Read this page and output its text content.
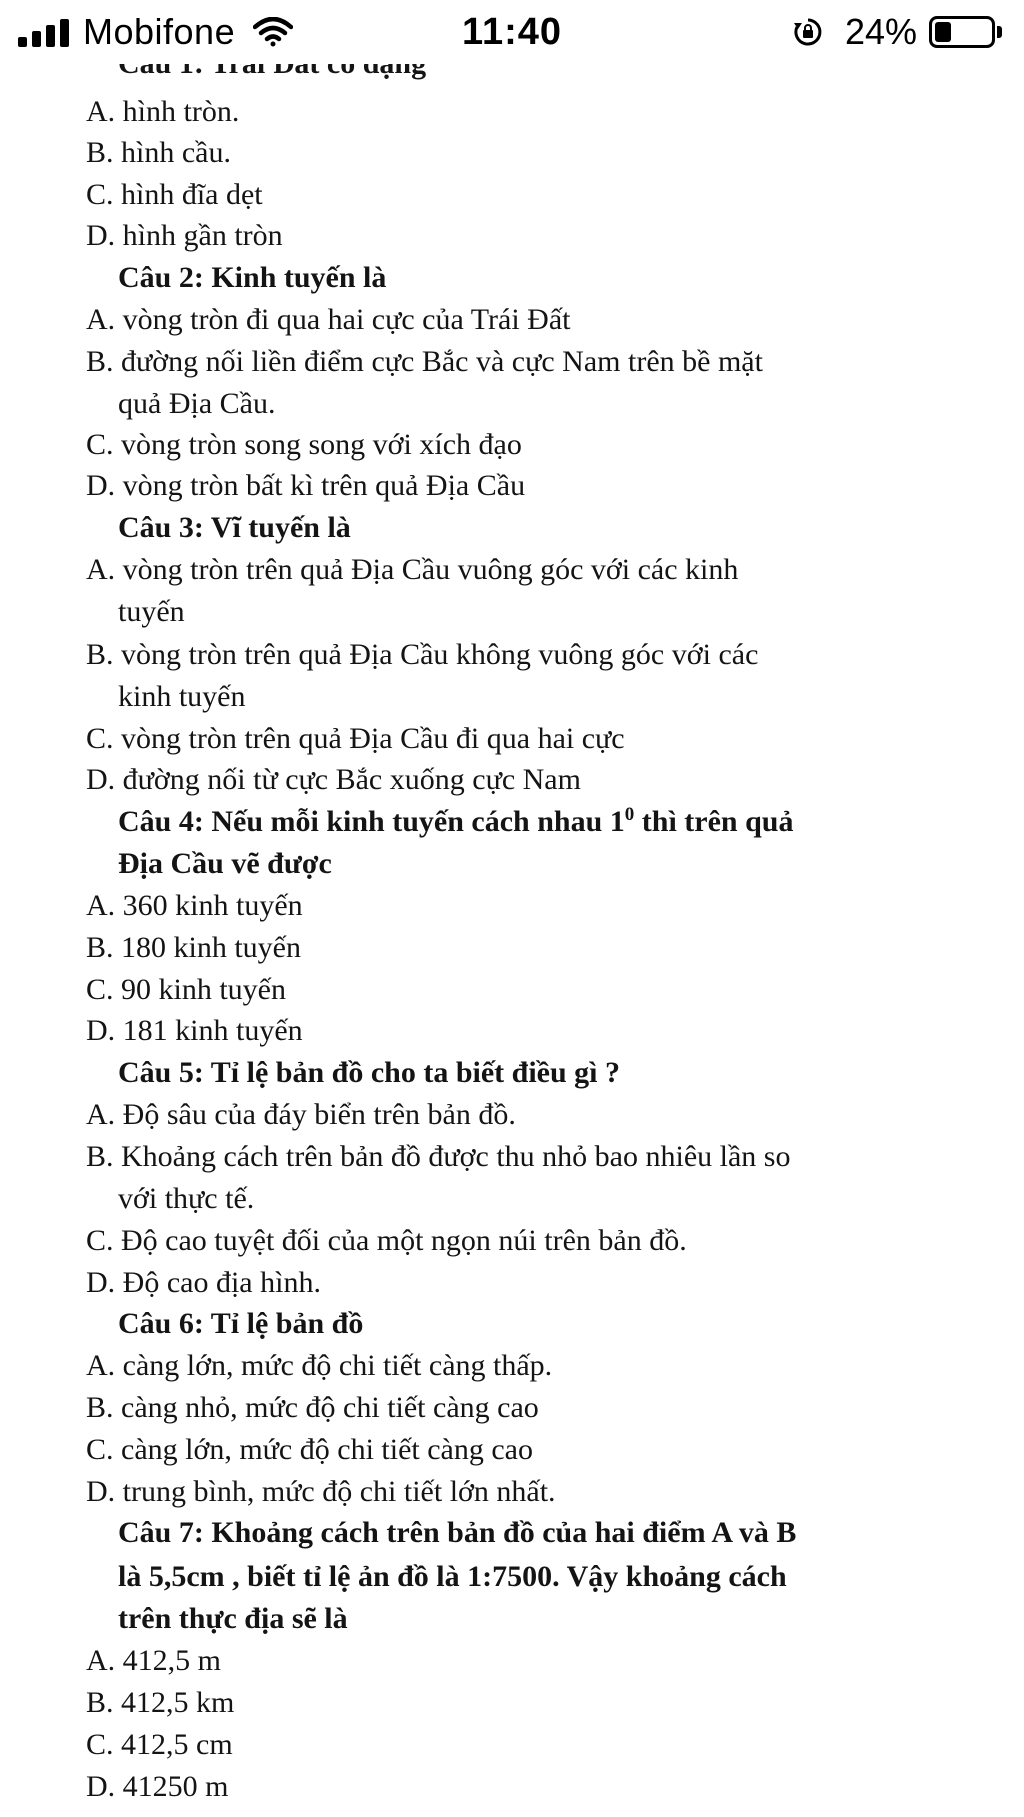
A. hình tròn.
B. hình cầu.
C. hình đĩa dẹt
D. hình gần tròn
Câu 2: Kinh tuyến là
A. vòng tròn đi qua hai cực của Trái Đất
B. đường nối liền điểm cực Bắc và cực Nam trên bề mặt
quả Địa Cầu.
C. vòng tròn song song với xích đạo
D. vòng tròn bất kì trên quả Địa Cầu
Câu 3: Vĩ tuyến là
A. vòng tròn trên quả Địa Cầu vuông góc với các kinh
tuyến
B. vòng tròn trên quả Địa Cầu không vuông góc với các
kinh tuyến
C. vòng tròn trên quả Địa Cầu đi qua hai cực
D. đường nối từ cực Bắc xuống cực Nam
Câu 4: Nếu mỗi kinh tuyến cách nhau $1^0$ thì trên quả
Địa Cầu vẽ được
A. 360 kinh tuyến
B. 180 kinh tuyến
C. 90 kinh tuyến
D. 181 kinh tuyến
Câu 5: Tỉ lệ bản đồ cho ta biết điều gì ?
A. Độ sâu của đáy biển trên bản đồ.
B. Khoảng cách trên bản đồ được thu nhỏ bao nhiêu lần so
với thực tế.
C. Độ cao tuyệt đối của một ngọn núi trên bản đồ.
D. Độ cao địa hình.
Câu 6: Tỉ lệ bản đồ
A. càng lớn, mức độ chi tiết càng thấp.
B. càng nhỏ, mức độ chi tiết càng cao
C. càng lớn, mức độ chi tiết càng cao
D. trung bình, mức độ chi tiết lớn nhất.
Câu 7: Khoảng cách trên bản đồ của hai điểm A và B
là 5,5cm , biết tỉ lệ ản đồ là 1:7500. Vậy khoảng cách
trên thực địa sẽ là
A. 412,5 m
B. 412,5 km
C. 412,5 cm
D. 41250 m
Mobifone	11:40	24%
